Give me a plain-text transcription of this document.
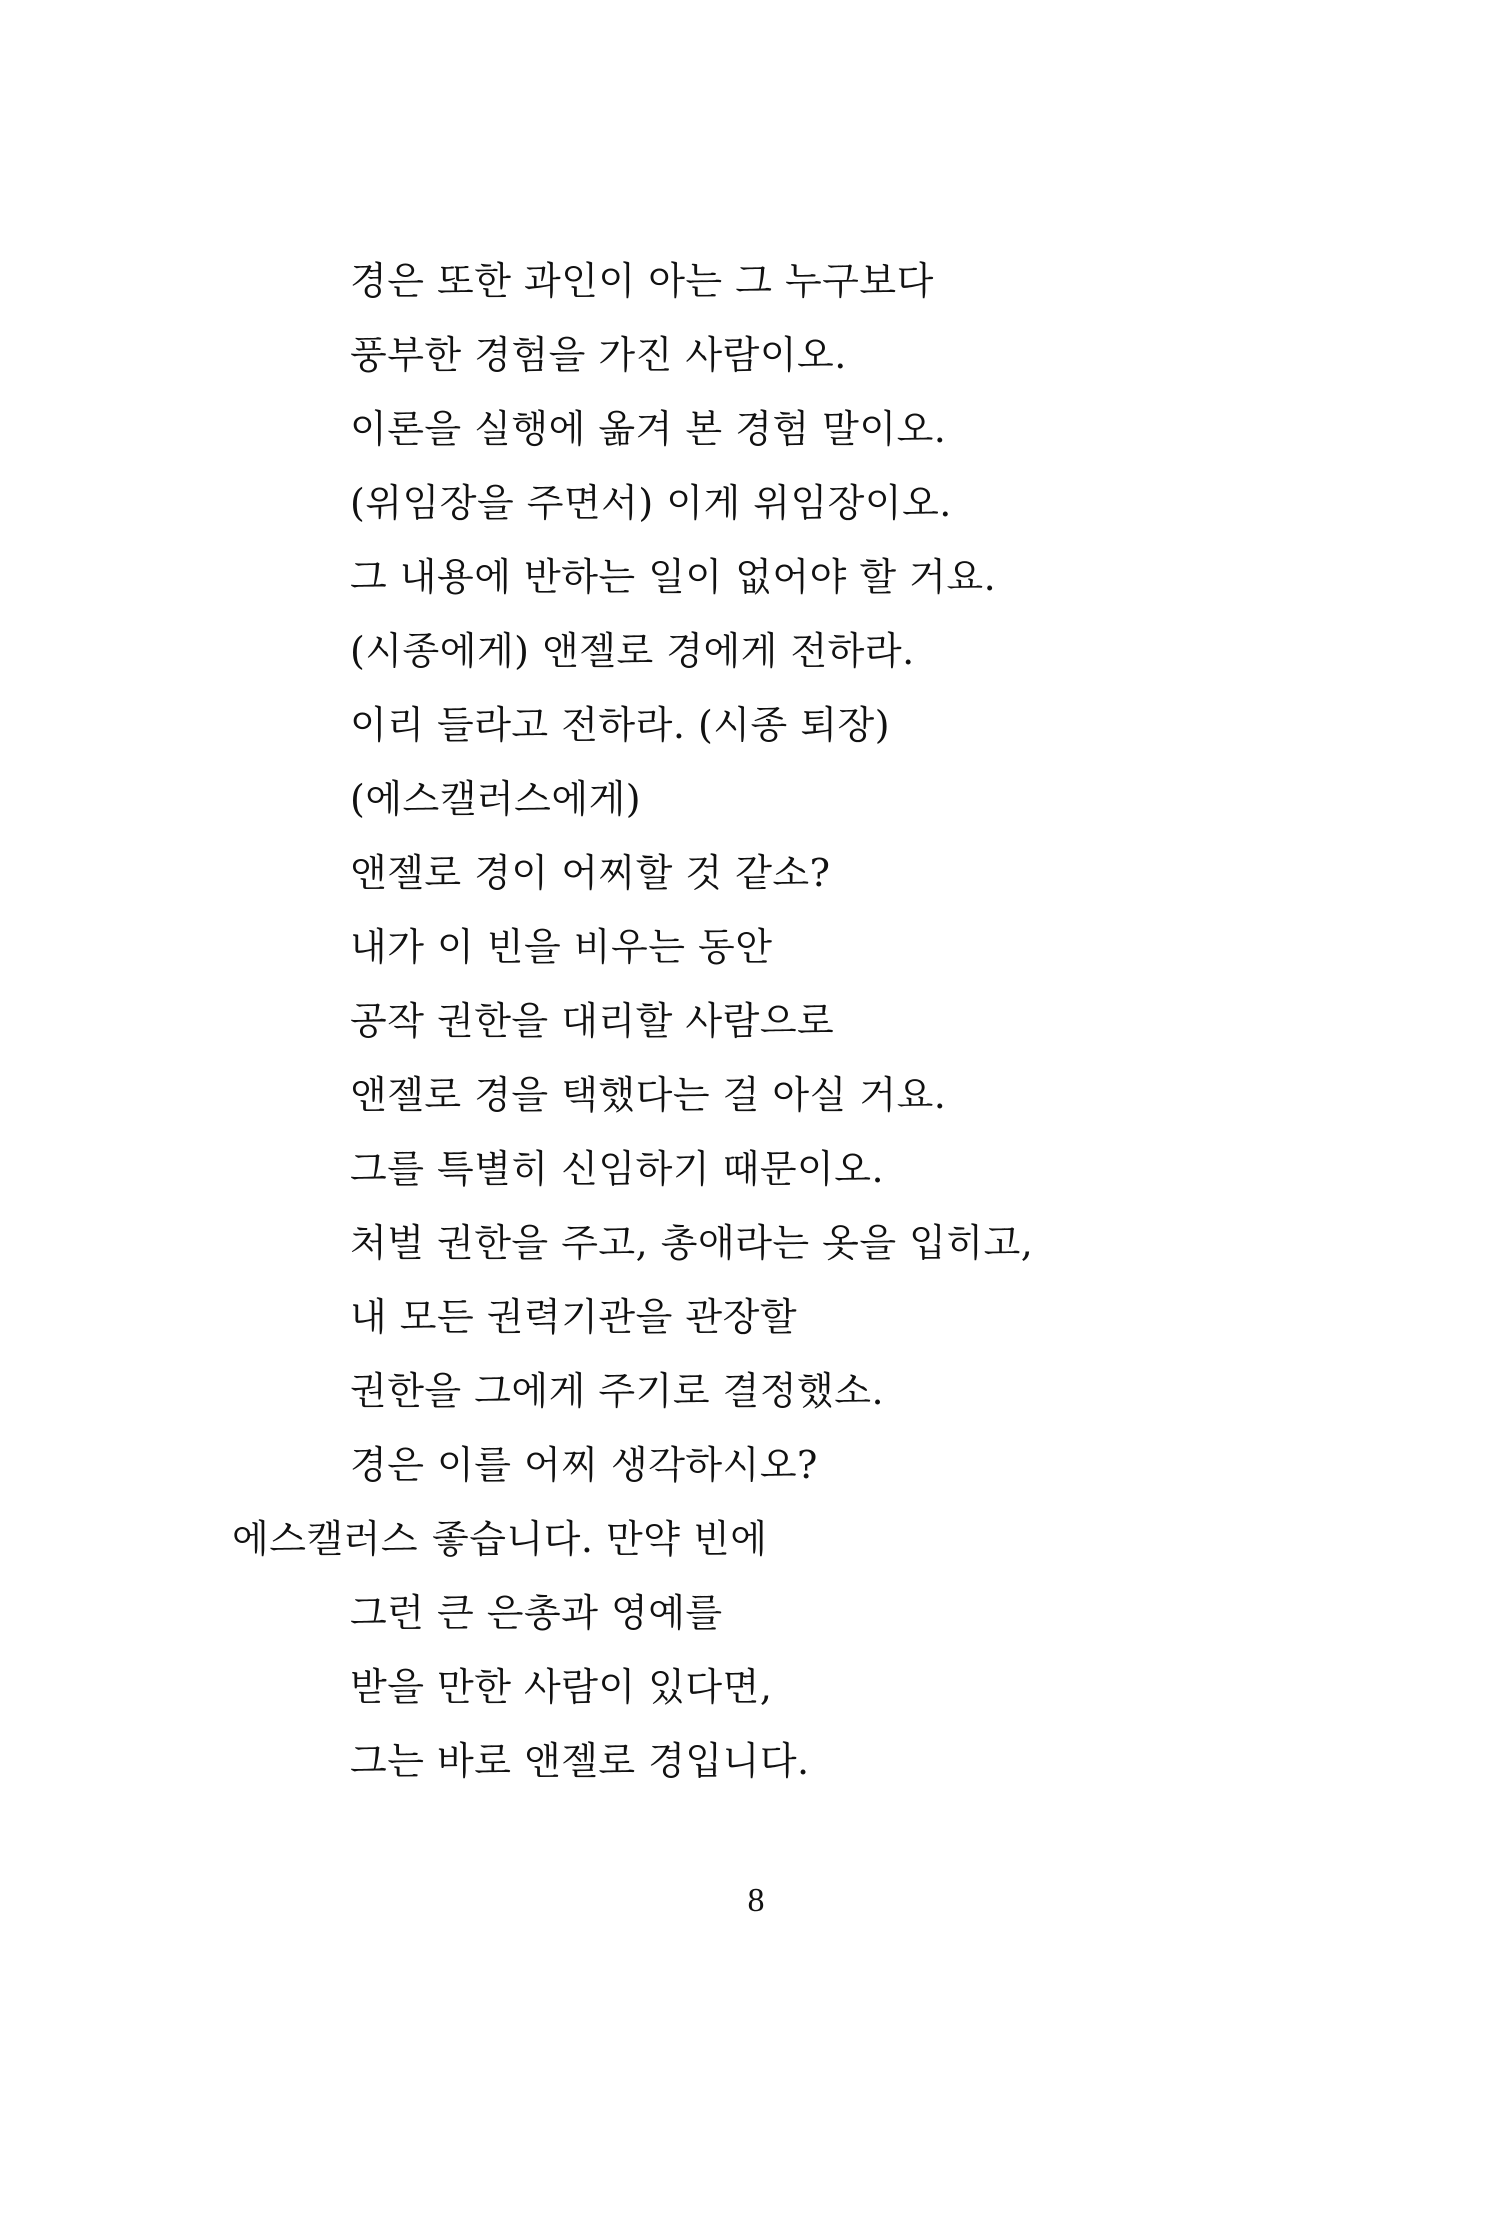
경은 또한 과인이 아는 그 누구보다
풍부한 경험을 가진 사람이오.
이론을 실행에 옮겨 본 경험 말이오.
(위임장을 주면서) 이게 위임장이오.
그 내용에 반하는 일이 없어야 할 거요.
(시종에게) 앤젤로 경에게 전하라.
이리 들라고 전하라. (시종 퇴장)
(에스캘러스에게)
앤젤로 경이 어찌할 것 같소?
내가 이 빈을 비우는 동안
공작 권한을 대리할 사람으로
앤젤로 경을 택했다는 걸 아실 거요.
그를 특별히 신임하기 때문이오.
처벌 권한을 주고, 총애라는 옷을 입히고,
내 모든 권력기관을 관장할
권한을 그에게 주기로 결정했소.
경은 이를 어찌 생각하시오?
에스캘러스 좋습니다. 만약 빈에
그런 큰 은총과 영예를
받을 만한 사람이 있다면,
그는 바로 앤젤로 경입니다.
8
